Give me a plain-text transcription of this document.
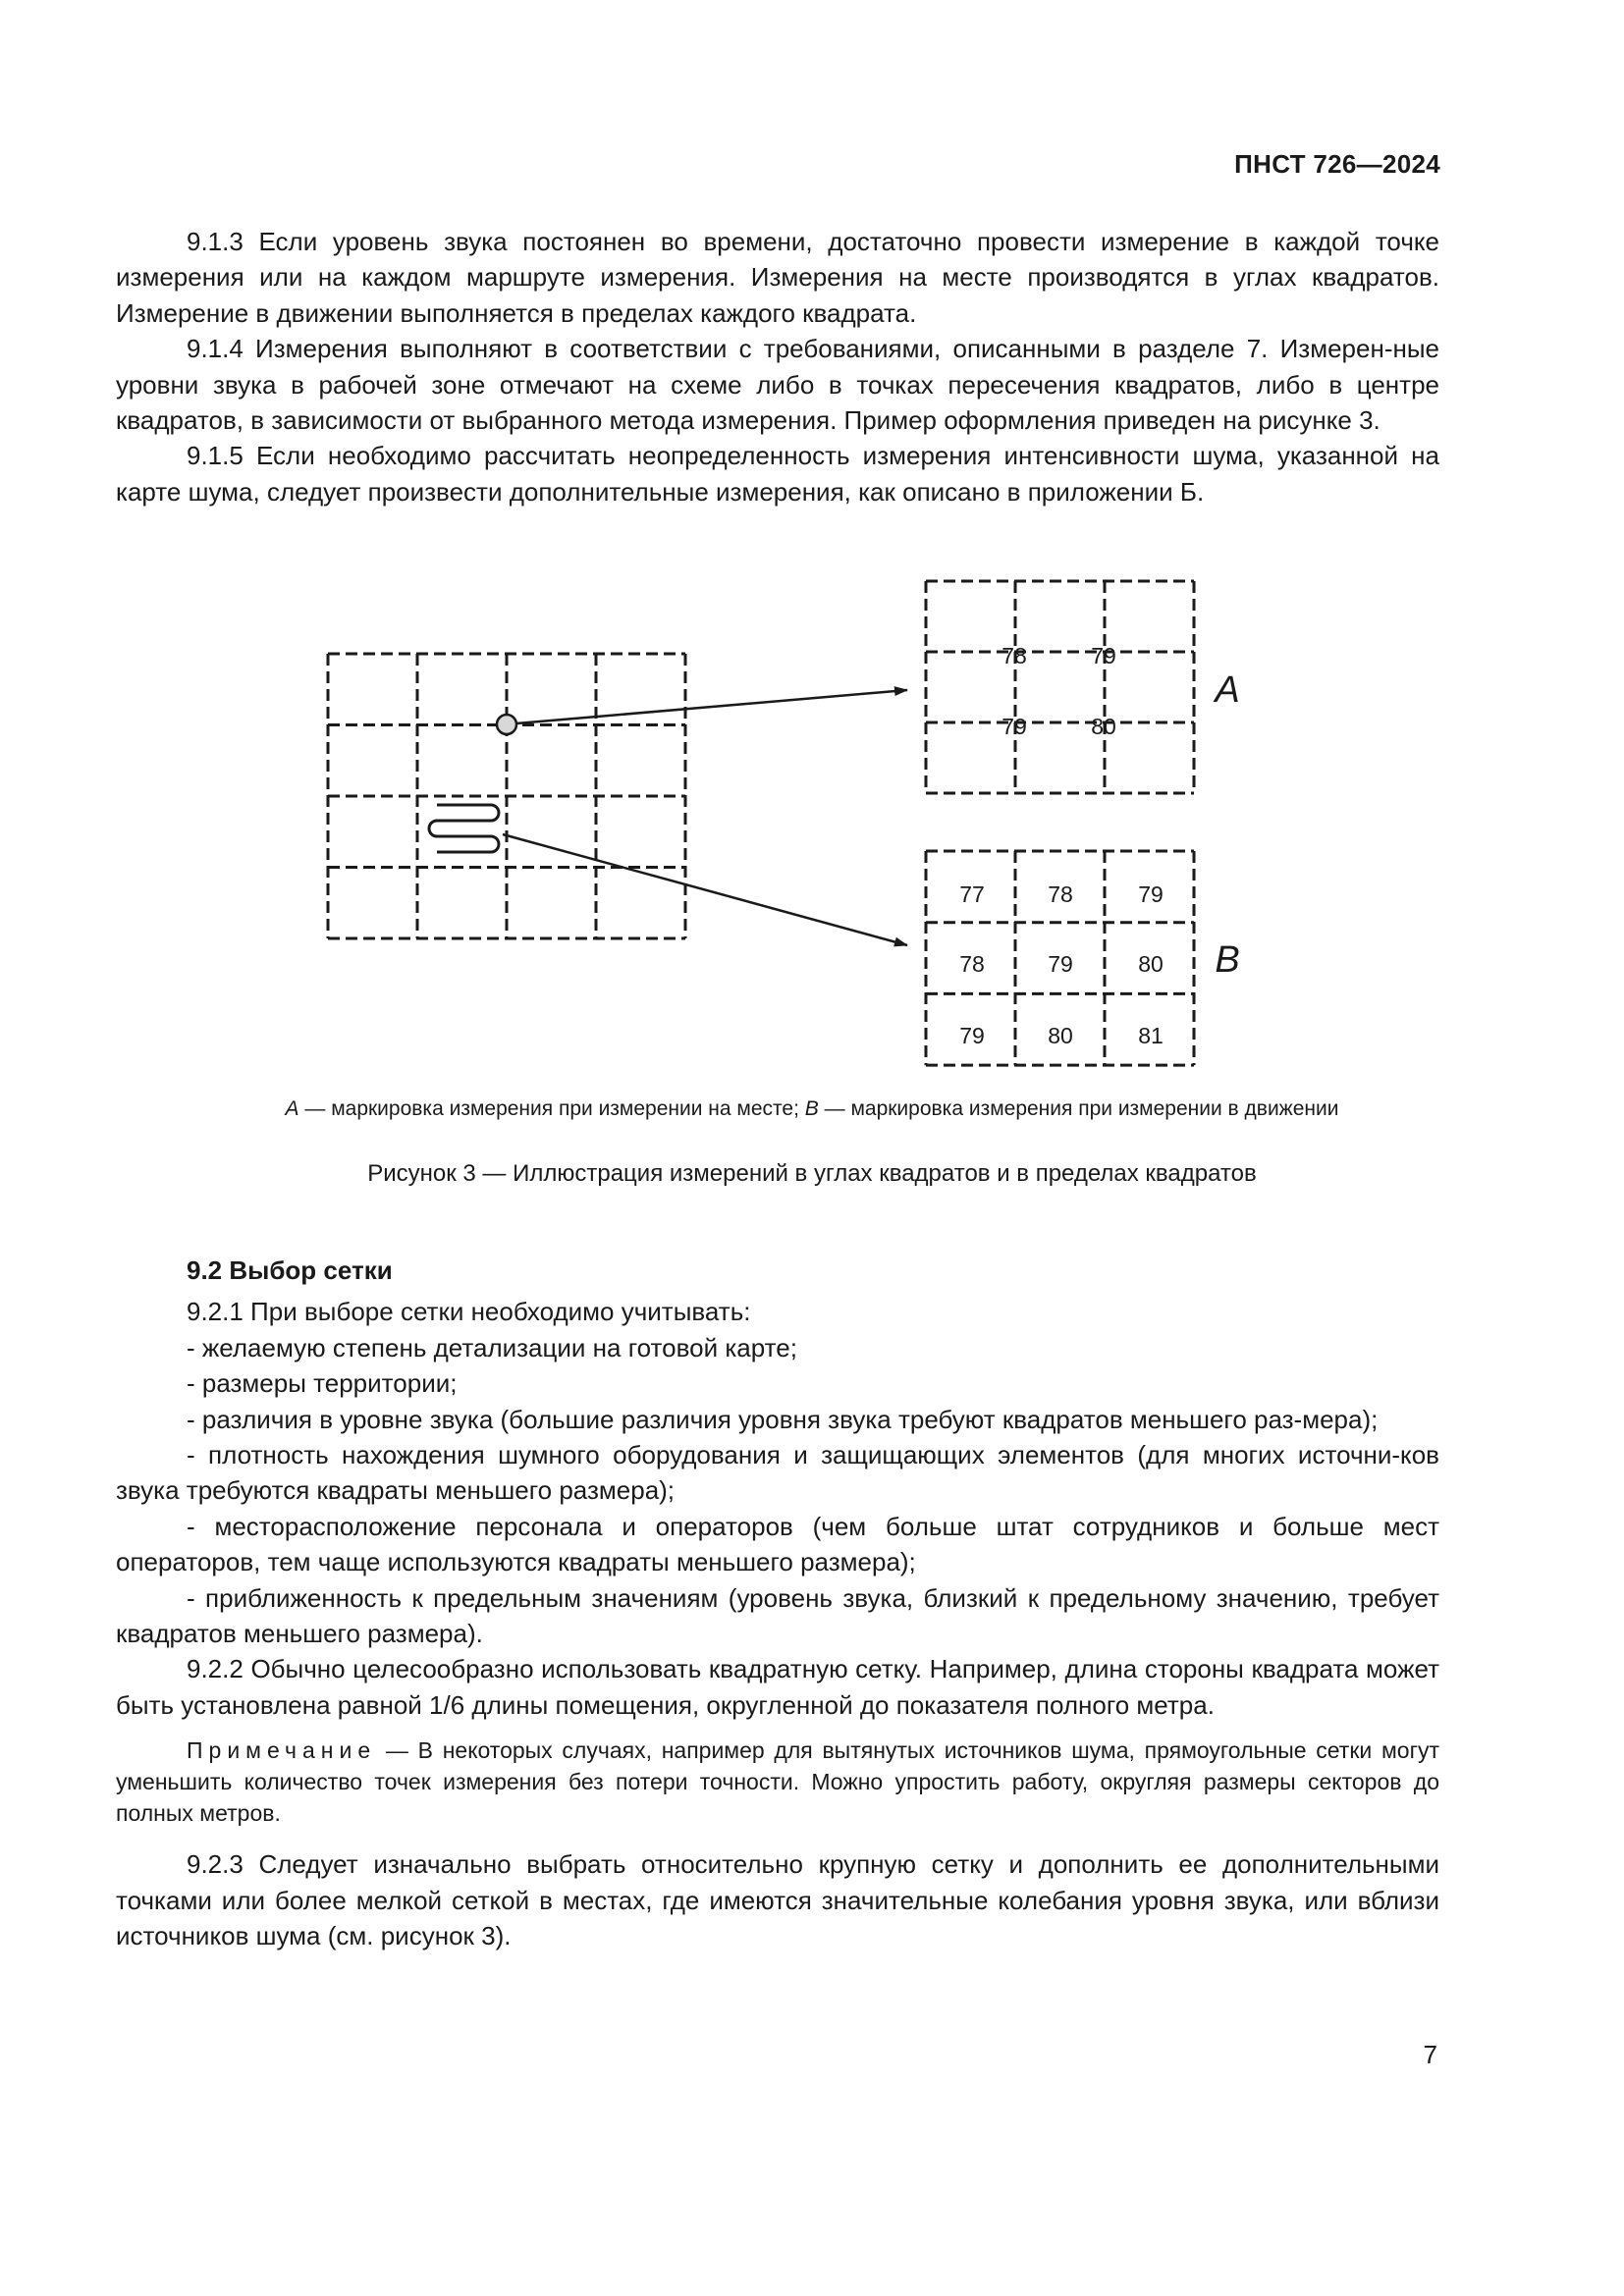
ПНСТ 726—2024

9.1.3 Если уровень звука постоянен во времени, достаточно провести измерение в каждой точке измерения или на каждом маршруте измерения. Измерения на месте производятся в углах квадратов. Измерение в движении выполняется в пределах каждого квадрата.

9.1.4 Измерения выполняют в соответствии с требованиями, описанными в разделе 7. Измерен-ные уровни звука в рабочей зоне отмечают на схеме либо в точках пересечения квадратов, либо в центре квадратов, в зависимости от выбранного метода измерения. Пример оформления приведен на рисунке 3.

9.1.5 Если необходимо рассчитать неопределенность измерения интенсивности шума, указанной на карте шума, следует произвести дополнительные измерения, как описано в приложении Б.

78	79
79	80
A
77	78	79
78	79	80
79	80	81
B
A — маркировка измерения при измерении на месте; B — маркировка измерения при измерении в движении
Рисунок 3 — Иллюстрация измерений в углах квадратов и в пределах квадратов

9.2 Выбор сетки

9.2.1 При выборе сетки необходимо учитывать:

- желаемую степень детализации на готовой карте;

- размеры территории;

- различия в уровне звука (большие различия уровня звука требуют квадратов меньшего раз-мера);

- плотность нахождения шумного оборудования и защищающих элементов (для многих источни-ков звука требуются квадраты меньшего размера);

- месторасположение персонала и операторов (чем больше штат сотрудников и больше мест операторов, тем чаще используются квадраты меньшего размера);

- приближенность к предельным значениям (уровень звука, близкий к предельному значению, требует квадратов меньшего размера).

9.2.2 Обычно целесообразно использовать квадратную сетку. Например, длина стороны квадрата может быть установлена равной 1/6 длины помещения, округленной до показателя полного метра.

Примечание — В некоторых случаях, например для вытянутых источников шума, прямоугольные сетки могут уменьшить количество точек измерения без потери точности. Можно упростить работу, округляя размеры секторов до полных метров.

9.2.3 Следует изначально выбрать относительно крупную сетку и дополнить ее дополнительными точками или более мелкой сеткой в местах, где имеются значительные колебания уровня звука, или вблизи источников шума (см. рисунок 3).

7
